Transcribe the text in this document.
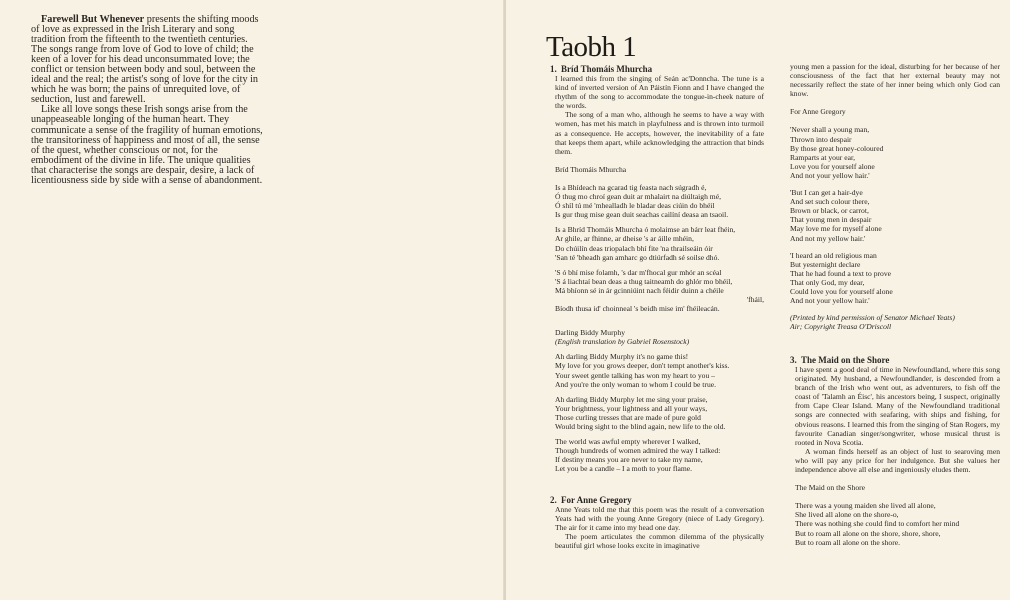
Farewell But Whenever presents the shifting moods of love as expressed in the Irish Literary and song tradition from the fifteenth to the twentieth centuries. The songs range from love of God to love of child; the keen of a lover for his dead unconsummated love; the conflict or tension between body and soul, between the ideal and the real; the artist's song of love for the city in which he was born; the pains of unrequited love, of seduction, lust and farewell.

Like all love songs these Irish songs arise from the unappeaseable longing of the human heart. They communicate a sense of the fragility of human emotions, the transitoriness of happiness and most of all, the sense of the quest, whether conscious or not, for the embodiment of the divine in life. The unique qualities that characterise the songs are despair, desire, a lack of licentiousness side by side with a sense of abandonment.

Taobh 1

1. Bríd Thomáis Mhurcha

I learned this from the singing of Seán ac'Donncha. The tune is a kind of inverted version of An Páistín Fionn and I have changed the rhythm of the song to accommodate the tongue-in-cheek nature of the words.

The song of a man who, although he seems to have a way with women, has met his match in playfulness and is thrown into turmoil as a consequence. He accepts, however, the inevitability of a fate that keeps them apart, while acknowledging the attraction that binds them.

Bríd Thomáis Mhurcha

Is a Bhídeach na gcarad tig feasta nach súgradh é,

Ó thug mo chroí gean duit ar mhalairt na diúltaigh mé,

Ó shíl tú mé 'mhealladh le bladar deas ciúin do bhéil

Is gur thug mise gean duit seachas cailíní deasa an tsaoil.

Is a Bhríd Thomáis Mhurcha ó molaimse an bárr leat fhéin,

Ar ghile, ar fhinne, ar dheise 's ar áille mhéin,

Do chúilín deas triopalach bhí fite 'na thrailseáin óir

'San té 'bheadh gan amharc go dtiúrfadh sé soilse dhó.

'S ó bhí mise folamh, 's dar m'fhocal gur mhór an scéal

'S á liachtaí bean deas a thug taitneamh do ghlór mo bhéil,

Má bhíonn sé in ár gcinniúint nach féidir duinn a chéile

'fháil,

Bíodh thusa id' choinneal 's beidh mise im' fhéileacán.

Darling Biddy Murphy

(English translation by Gabriel Rosenstock)

Ah darling Biddy Murphy it's no game this!

My love for you grows deeper, don't tempt another's kiss.

Your sweet gentle talking has won my heart to you –

And you're the only woman to whom I could be true.

Ah darling Biddy Murphy let me sing your praise,

Your brightness, your lightness and all your ways,

Those curling tresses that are made of pure gold

Would bring sight to the blind again, new life to the old.

The world was awful empty wherever I walked,

Though hundreds of women admired the way I talked:

If destiny means you are never to take my name,

Let you be a candle – I a moth to your flame.

2. For Anne Gregory

Anne Yeats told me that this poem was the result of a conversation Yeats had with the young Anne Gregory (niece of Lady Gregory). The air for it came into my head one day.

The poem articulates the common dilemma of the physically beautiful girl whose looks excite in imaginative

young men a passion for the ideal, disturbing for her because of her consciousness of the fact that her external beauty may not necessarily reflect the state of her inner being which only God can know.

For Anne Gregory

'Never shall a young man,

Thrown into despair

By those great honey-coloured

Ramparts at your ear,

Love you for yourself alone

And not your yellow hair.'

'But I can get a hair-dye

And set such colour there,

Brown or black, or carrot,

That young men in despair

May love me for myself alone

And not my yellow hair.'

'I heard an old religious man

But yesternight declare

That he had found a text to prove

That only God, my dear,

Could love you for yourself alone

And not your yellow hair.'

(Printed by kind permission of Senator Michael Yeats)

Air; Copyright Treasa O'Driscoll

3. The Maid on the Shore

I have spent a good deal of time in Newfoundland, where this song originated. My husband, a Newfoundlander, is descended from a branch of the Irish who went out, as adventurers, to fish off the coast of 'Talamh an Éisc', his ancestors being, I suspect, originally from Cape Clear Island. Many of the Newfoundland traditional songs are connected with seafaring, with ships and fishing, for obvious reasons. I learned this from the singing of Stan Rogers, my favourite Canadian singer/songwriter, whose musical thrust is rooted in Nova Scotia.

A woman finds herself as an object of lust to searoving men who will pay any price for her indulgence. But she values her independence above all else and ingeniously eludes them.

The Maid on the Shore

There was a young maiden she lived all alone,

She lived all alone on the shore-o,

There was nothing she could find to comfort her mind

But to roam all alone on the shore, shore, shore,

But to roam all alone on the shore.
